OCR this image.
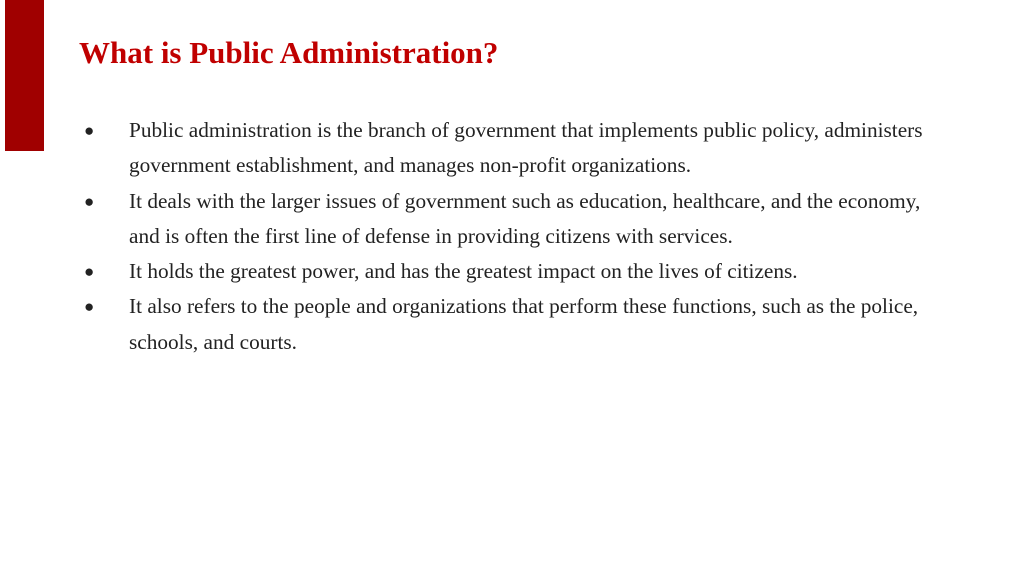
What is Public Administration?
●	Public administration is the branch of government that implements public policy, administers government establishment, and manages non-profit organizations.
●	It deals with the larger issues of government such as education, healthcare, and the economy, and is often the first line of defense in providing citizens with services.
●	It holds the greatest power, and has the greatest impact on the lives of citizens.
●	It also refers to the people and organizations that perform these functions, such as the police, schools, and courts.
